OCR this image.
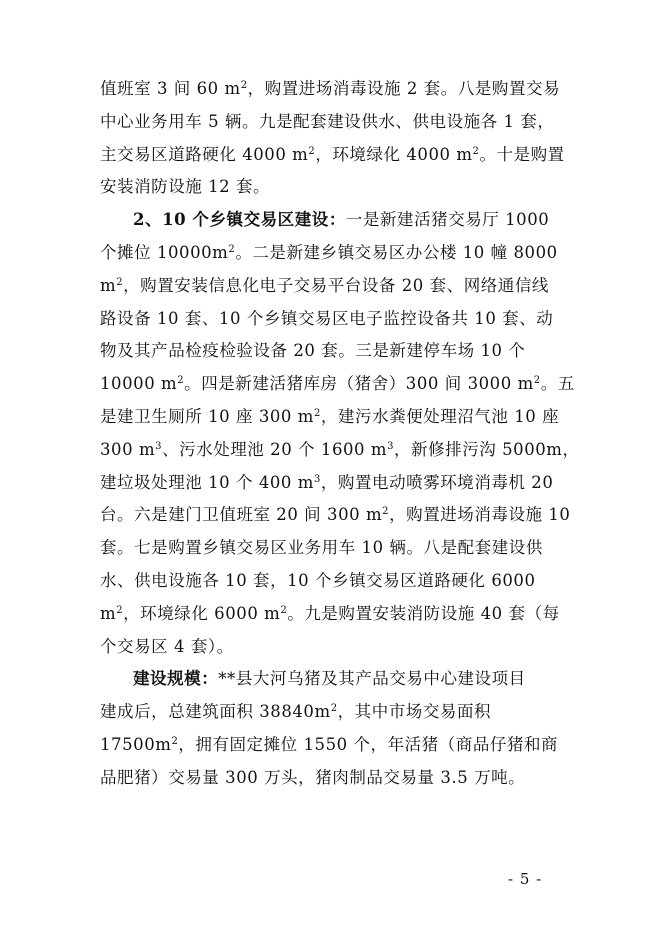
值班室 3 间 60 $m^2$，购置进场消毒设施 2 套。八是购置交易
中心业务用车 5 辆。九是配套建设供水、供电设施各 1 套，
主交易区道路硬化 4000 $m^2$，环境绿化 4000 $m^2$。十是购置
安装消防设施 12 套。
2、10 个乡镇交易区建设：一是新建活猪交易厅 1000
个摊位 $10000m^2$。二是新建乡镇交易区办公楼 10 幢 8000
$m^2$，购置安装信息化电子交易平台设备 20 套、网络通信线
路设备 10 套、10 个乡镇交易区电子监控设备共 10 套、动
物及其产品检疫检验设备 20 套。三是新建停车场 10 个
10000 $m^2$。四是新建活猪库房（猪舍）300 间 3000 $m^2$。五
是建卫生厕所 10 座 300 $m^2$，建污水粪便处理沼气池 10 座
300 $m^3$、污水处理池 20 个 1600 $m^3$，新修排污沟 5000m，
建垃圾处理池 10 个 400 $m^3$，购置电动喷雾环境消毒机 20
台。六是建门卫值班室 20 间 300 $m^2$，购置进场消毒设施 10
套。七是购置乡镇交易区业务用车 10 辆。八是配套建设供
水、供电设施各 10 套，10 个乡镇交易区道路硬化 6000
$m^2$，环境绿化 6000 $m^2$。九是购置安装消防设施 40 套（每
个交易区 4 套）。
建设规模：**县大河乌猪及其产品交易中心建设项目
建成后，总建筑面积 $38840m^2$，其中市场交易面积
$17500m^2$，拥有固定摊位 1550 个，年活猪（商品仔猪和商
品肥猪）交易量 300 万头，猪肉制品交易量 3.5 万吨。
- 5 -
